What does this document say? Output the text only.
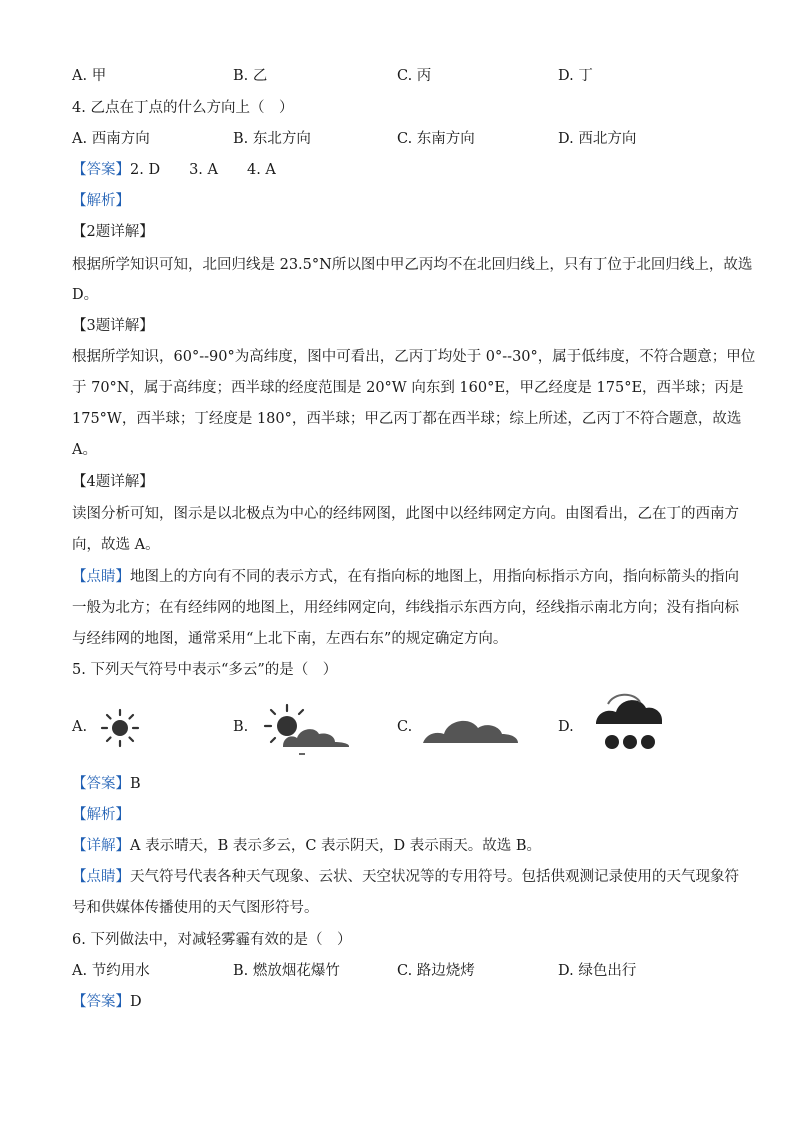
A. 甲	B. 乙	C. 丙	D. 丁
4. 乙点在丁点的什么方向上（　）
A. 西南方向	B. 东北方向	C. 东南方向	D. 西北方向
【答案】2. D　　3. A　　4. A
【解析】
【2题详解】
根据所学知识可知，北回归线是 23.5°N所以图中甲乙丙均不在北回归线上，只有丁位于北回归线上，故选
D。
【3题详解】
根据所学知识，60°--90°为高纬度，图中可看出，乙丙丁均处于 0°--30°，属于低纬度，不符合题意；甲位
于 70°N，属于高纬度；西半球的经度范围是 20°W 向东到 160°E，甲乙经度是 175°E，西半球；丙是
175°W，西半球；丁经度是 180°，西半球；甲乙丙丁都在西半球；综上所述，乙丙丁不符合题意，故选
A。
【4题详解】
读图分析可知，图示是以北极点为中心的经纬网图，此图中以经纬网定方向。由图看出，乙在丁的西南方
向，故选 A。
【点睛】地图上的方向有不同的表示方式，在有指向标的地图上，用指向标指示方向，指向标箭头的指向
一般为北方；在有经纬网的地图上，用经纬网定向，纬线指示东西方向，经线指示南北方向；没有指向标
与经纬网的地图，通常采用“上北下南，左西右东”的规定确定方向。
5. 下列天气符号中表示“多云”的是（　）
A.	B.	C.	D.
【答案】B
【解析】
【详解】A 表示晴天，B 表示多云，C 表示阴天，D 表示雨天。故选 B。
【点睛】天气符号代表各种天气现象、云状、天空状况等的专用符号。包括供观测记录使用的天气现象符
号和供媒体传播使用的天气图形符号。
6. 下列做法中，对减轻雾霾有效的是（　）
A. 节约用水	B. 燃放烟花爆竹	C. 路边烧烤	D. 绿色出行
【答案】D
